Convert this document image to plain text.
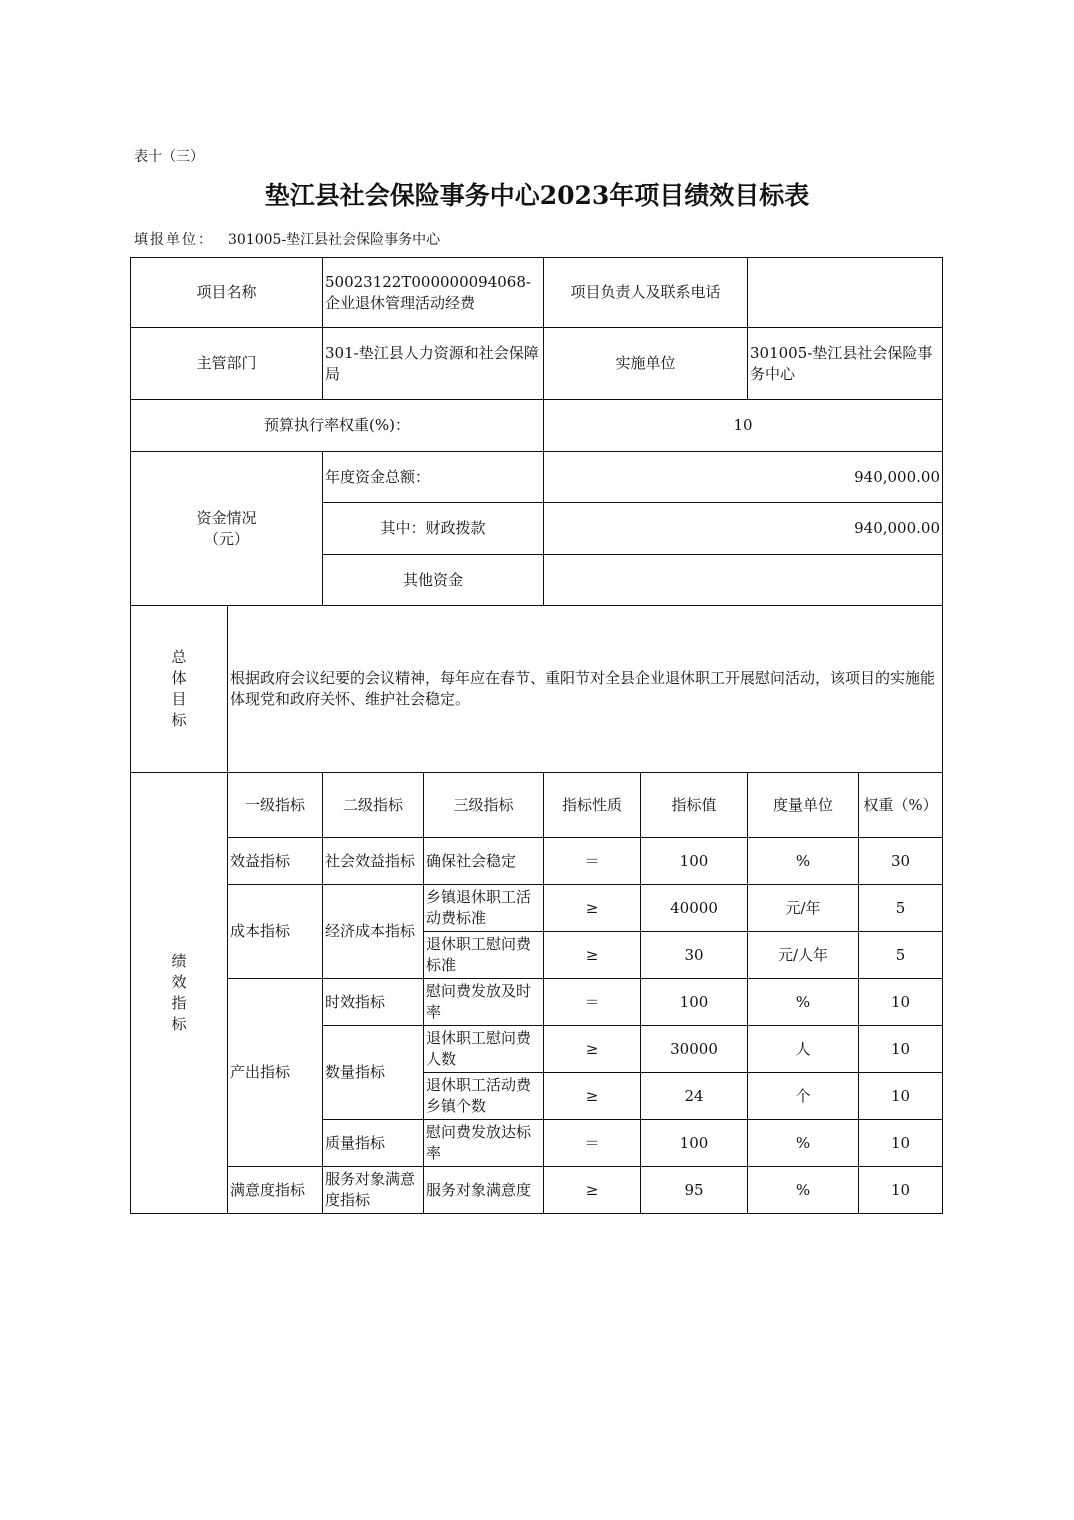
表十（三）
垫江县社会保险事务中心2023年项目绩效目标表
填报单位： 301005-垫江县社会保险事务中心
项目名称		50023122T000000094068-企业退休管理活动经费		项目负责人及联系电话			
主管部门		301-垫江县人力资源和社会保障局		实施单位		301005-垫江县社会保险事务中心	
预算执行率权重(%)：				10			

资金情况
（元）		年度资金总额：		940,000.00			
		其中：财政拨款		940,000.00			
		其他资金					

总
体
目
标	根据政府会议纪要的会议精神，每年应在春节、重阳节对全县企业退休职工开展慰问活动，该项目的实施能体现党和政府关怀、维护社会稳定。						

绩
效
指
标	一级指标	二级指标	三级指标	指标性质	指标值	度量单位	权重（%）
	效益指标	社会效益指标	确保社会稳定	＝	100	%	30
	成本指标	经济成本指标	乡镇退休职工活动费标准	≥	40000	元/年	5
			退休职工慰问费标准	≥	30	元/人年	5
	产出指标	时效指标	慰问费发放及时率	＝	100	%	10
		数量指标	退休职工慰问费人数	≥	30000	人	10
			退休职工活动费乡镇个数	≥	24	个	10
		质量指标	慰问费发放达标率	＝	100	%	10
	满意度指标	服务对象满意度指标	服务对象满意度	≥	95	%	10
